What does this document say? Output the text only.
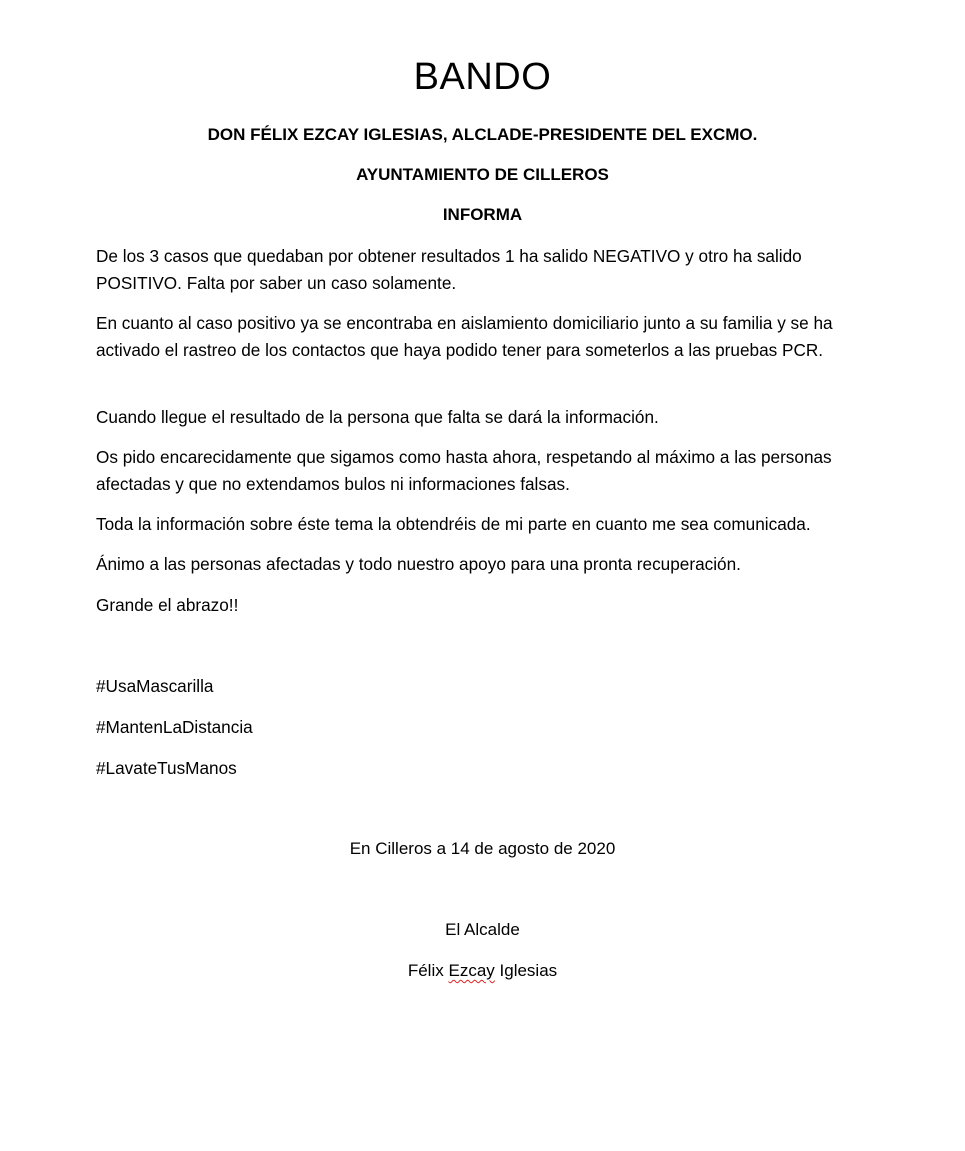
BANDO
DON FÉLIX EZCAY IGLESIAS, ALCLADE-PRESIDENTE DEL EXCMO.
AYUNTAMIENTO DE CILLEROS
INFORMA
De los 3 casos que quedaban por obtener resultados 1 ha salido NEGATIVO y otro ha salido POSITIVO. Falta por saber un caso solamente.
En cuanto al caso positivo ya se encontraba en aislamiento domiciliario junto a su familia y se ha activado el rastreo de los contactos que haya podido tener para someterlos a las pruebas PCR.
Cuando llegue el resultado de la persona que falta se dará la información.
Os pido encarecidamente que sigamos como hasta ahora, respetando al máximo a las personas afectadas y que no extendamos bulos ni informaciones falsas.
Toda la información sobre éste tema la obtendréis de mi parte en cuanto me sea comunicada.
Ánimo a las personas afectadas y todo nuestro apoyo para una pronta recuperación.
Grande el abrazo!!
#UsaMascarilla
#MantenLaDistancia
#LavateTusManos
En Cilleros a 14 de agosto de 2020
El Alcalde
Félix Ezcay Iglesias
